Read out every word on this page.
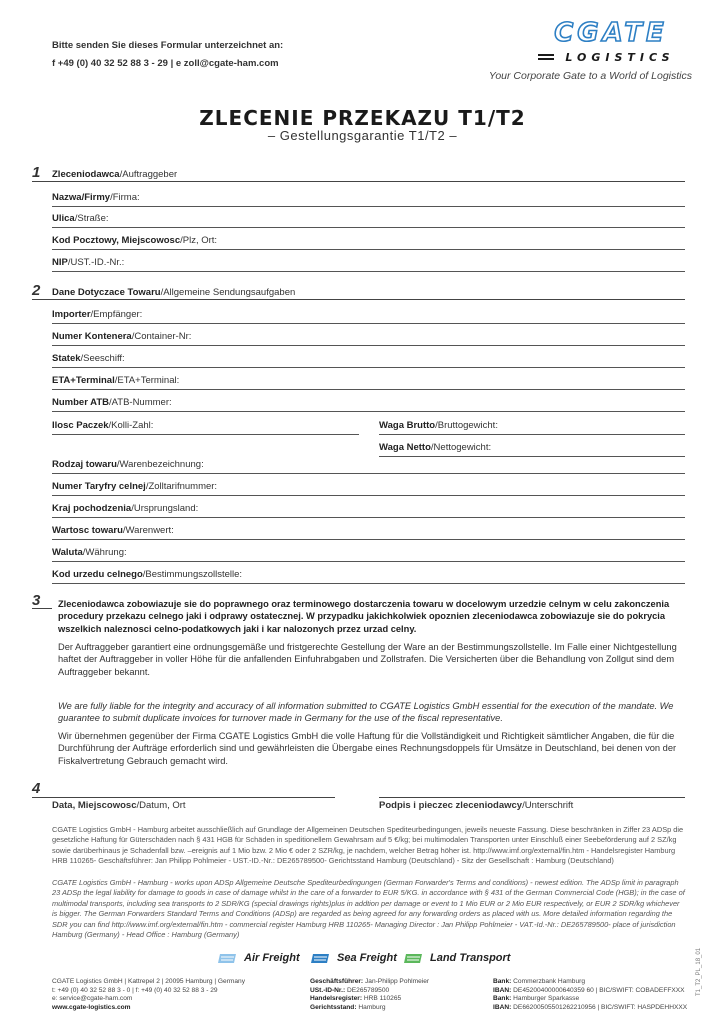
Bitte senden Sie dieses Formular unterzeichnet an:
f +49 (0) 40 32 52 88 3 - 29 | e zoll@cgate-ham.com
CGATE
LOGISTICS
Your Corporate Gate to a World of Logistics
ZLECENIE PRZEKAZU T1/T2
– Gestellungsgarantie T1/T2 –
1 Zleceniodawca/Auftraggeber
Nazwa/Firmy/Firma:
Ulica/Straße:
Kod Pocztowy, Miejscowosc/Plz, Ort:
NIP/UST.-ID.-Nr.:
2 Dane Dotyczace Towaru/Allgemeine Sendungsaufgaben
Importer/Empfänger:
Numer Kontenera/Container-Nr:
Statek/Seeschiff:
ETA+Terminal/ETA+Terminal:
Number ATB/ATB-Nummer:
Ilosc Paczek/Kolli-Zahl:	Waga Brutto/Bruttogewicht:
Waga Netto/Nettogewicht:
Rodzaj towaru/Warenbezeichnung:
Numer Taryfry celnej/Zolltarifnummer:
Kraj pochodzenia/Ursprungsland:
Wartosc towaru/Warenwert:
Waluta/Währung:
Kod urzedu celnego/Bestimmungszollstelle:
3 Zleceniodawca zobowiazuje sie do poprawnego oraz terminowego dostarczenia towaru w docelowym urzedzie celnym w celu zakonczenia procedury przekazu celnego jaki i odprawy ostatecznej. W przypadku jakichkolwiek opoznien zleceniodawca zobowiazuje sie do pokrycia wszelkich naleznosci celno-podatkowych jaki i kar nalozonych przez urzad celny.
Der Auftraggeber garantiert eine ordnungsgemäße und fristgerechte Gestellung der Ware an der Bestimmungszollstelle. Im Falle einer Nichtgestellung haftet der Auftraggeber in voller Höhe für die anfallenden Einfuhrabgaben und Zollstrafen. Die Versicherten über die Behandlung von Zollgut sind dem Auftraggeber bekannt.
We are fully liable for the integrity and accuracy of all information submitted to CGATE Logistics GmbH essential for the execution of the mandate. We guarantee to submit duplicate invoices for turnover made in Germany for the use of the fiscal representative.
Wir übernehmen gegenüber der Firma CGATE Logistics GmbH die volle Haftung für die Vollständigkeit und Richtigkeit sämtlicher Angaben, die für die Durchführung der Aufträge erforderlich sind und gewährleisten die Übergabe eines Rechnungsdoppels für Umsätze in Deutschland, bei denen von der Fiskalvertretung Gebrauch gemacht wird.
4
Data, Miejscowosc/Datum, Ort	Podpis i pieczec zleceniodawcy/Unterschrift
CGATE Logistics GmbH - Hamburg arbeitet ausschließlich auf Grundlage der Allgemeinen Deutschen Spediteurbedingungen, jeweils neueste Fassung. Diese beschränken in Ziffer 23 ADSp die gesetzliche Haftung für Güterschäden nach § 431 HGB für Schäden in speditionellem Gewahrsam auf 5 €/kg; bei multimodalen Transporten unter Einschluß einer Seebeförderung auf 2 SZ/kg sowie darüberhinaus je Schadenfall bzw. –ereignis auf 1 Mio bzw. 2 Mio € oder 2 SZR/kg, je nachdem, welcher Betrag höher ist. http://www.imf.org/external/fin.htm - Handelsregister Hamburg HRB 110265- Geschäftsführer: Jan Philipp Pohlmeier - UST.-ID.-Nr.: DE265789500- Gerichtsstand Hamburg (Deutschland) - Sitz der Gesellschaft : Hamburg (Deutschland)
CGATE Logistics GmbH - Hamburg - works upon ADSp Allgemeine Deutsche Spediteurbedingungen (German Forwarder's Terms and conditions) - newest edition. The ADSp limit in paragraph 23 ADSp the legal liability for damage to goods in case of damage whilst in the care of a forwarder to EUR 5/KG. in accordance with § 431 of the German Commercial Code (HGB); in the case of multimodal transports, including sea transports to 2 SDR/KG (special drawings rights)plus in addtion per damage or event to 1 Mio EUR or 2 Mio EUR respectively, or EUR 2 SDR/kg whichever is bigger. The German Forwarders Standard Terms and Conditions (ADSp) are regarded as being agreed for any forwarding orders as placed with us. More detailed information regarding the SDR you can find http://www.imf.org/external/fin.htm - commercial register Hamburg HRB 110265- Managing Director : Jan Philipp Pohlmeier - VAT.-Id.-Nr.: DE265789500- place of jurisdiction Hamburg (Germany) - Head Office : Hamburg (Germany)
Air Freight	Sea Freight	Land Transport
CGATE Logistics GmbH | Kattrepel 2 | 20095 Hamburg | Germany
t: +49 (0) 40 32 52 88 3 - 0 | f: +49 (0) 40 32 52 88 3 - 29
e: service@cgate-ham.com
www.cgate-logistics.com
Geschäftsführer: Jan-Philipp Pohlmeier
USt.-ID-Nr.: DE265789500
Handelsregister: HRB 110265
Gerichtsstand: Hamburg
Bank: Commerzbank Hamburg
IBAN: DE45200400000640359 60 | BIC/SWIFT: COBADEFFXXX
Bank: Hamburger Sparkasse
IBAN: DE66200505501262210956 | BIC/SWIFT: HASPDEHHXXX
T1_T2_PL_18_01
